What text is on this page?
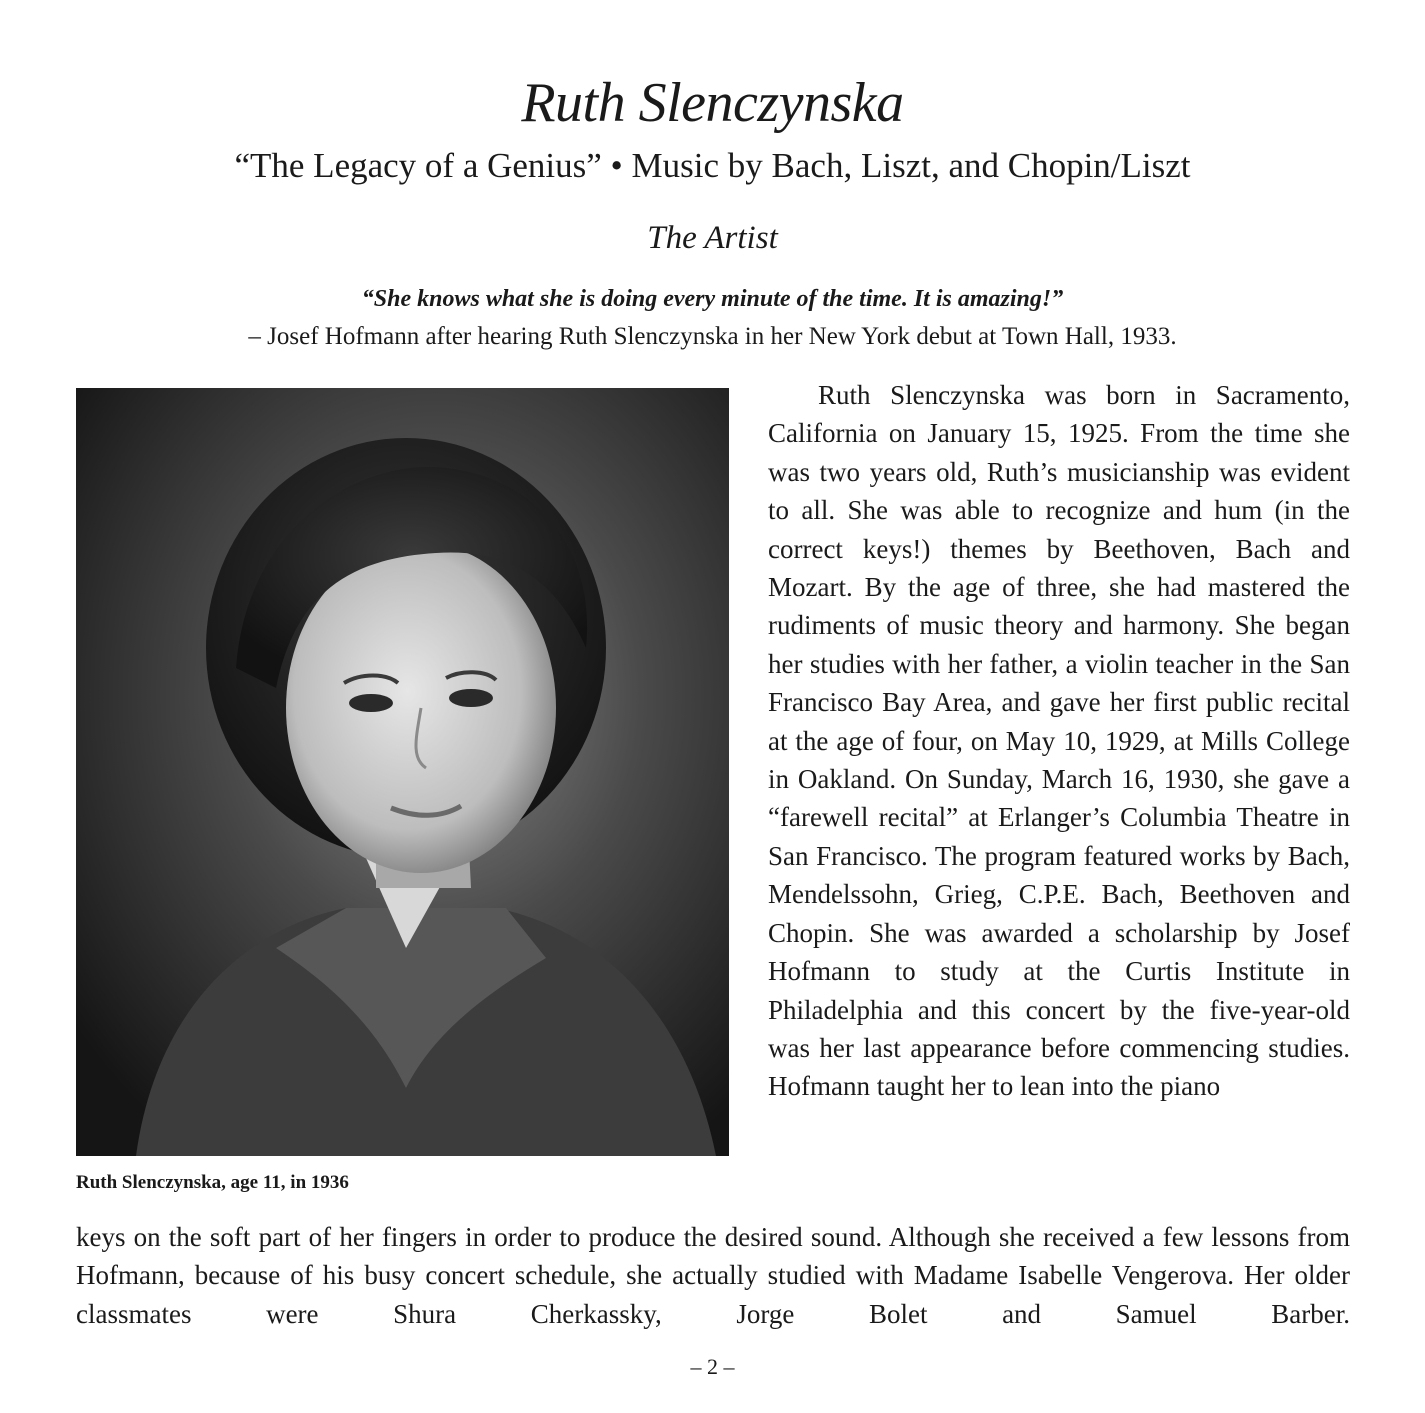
Ruth Slenczynska
“The Legacy of a Genius” • Music by Bach, Liszt, and Chopin/Liszt
The Artist
“She knows what she is doing every minute of the time. It is amazing!”
– Josef Hofmann after hearing Ruth Slenczynska in her New York debut at Town Hall, 1933.
Ruth Slenczynska, age 11, in 1936

Ruth Slenczynska was born in Sacramento, California on January 15, 1925. From the time she was two years old, Ruth’s musicianship was evident to all. She was able to recognize and hum (in the correct keys!) themes by Beethoven, Bach and Mozart. By the age of three, she had mastered the rudiments of music theory and harmony. She began her studies with her father, a violin teacher in the San Francisco Bay Area, and gave her first public recital at the age of four, on May 10, 1929, at Mills College in Oakland. On Sunday, March 16, 1930, she gave a “farewell recital” at Erlanger’s Columbia Theatre in San Francisco. The program featured works by Bach, Mendelssohn, Grieg, C.P.E. Bach, Beethoven and Chopin. She was awarded a scholarship by Josef Hofmann to study at the Curtis Institute in Philadelphia and this concert by the five-year-old was her last appearance before commencing studies. Hofmann taught her to lean into the piano

keys on the soft part of her fingers in order to produce the desired sound. Although she received a few lessons from Hofmann, because of his busy concert schedule, she actually studied with Madame Isabelle Vengerova. Her older classmates were Shura Cherkassky, Jorge Bolet and Samuel Barber.
– 2 –
